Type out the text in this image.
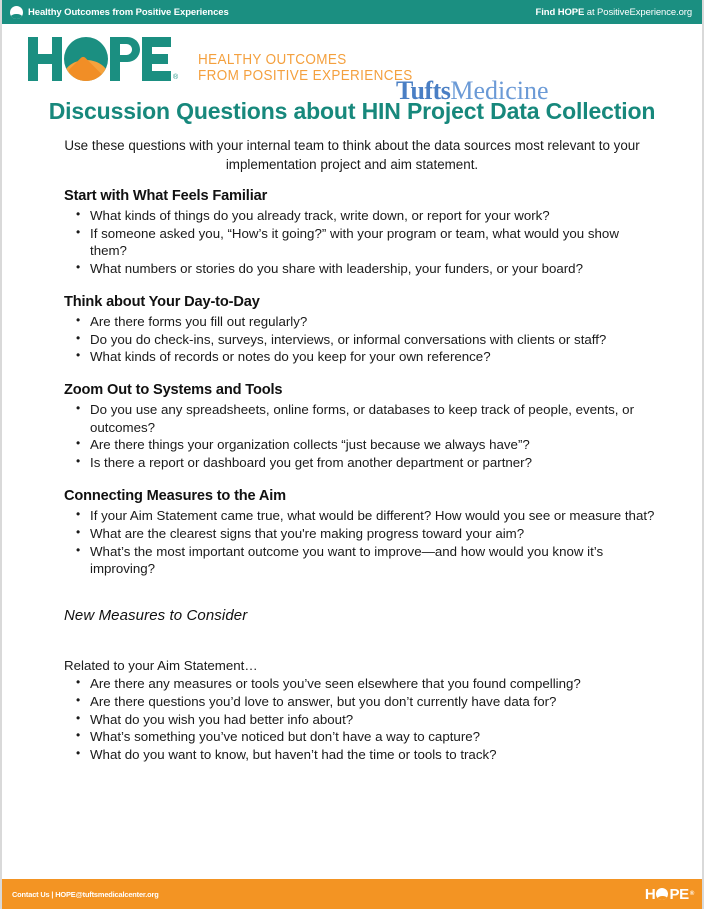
Healthy Outcomes from Positive Experiences	Find HOPE at PositiveExperience.org
®
HEALTHY OUTCOMES
FROM POSITIVE EXPERIENCES
TuftsMedicine
Discussion Questions about HIN Project Data Collection
Use these questions with your internal team to think about the data sources most relevant to your implementation project and aim statement.
Start with What Feels Familiar
• What kinds of things do you already track, write down, or report for your work?
• If someone asked you, “How’s it going?” with your program or team, what would you show them?
• What numbers or stories do you share with leadership, your funders, or your board?
Think about Your Day-to-Day
• Are there forms you fill out regularly?
• Do you do check-ins, surveys, interviews, or informal conversations with clients or staff?
• What kinds of records or notes do you keep for your own reference?
Zoom Out to Systems and Tools
• Do you use any spreadsheets, online forms, or databases to keep track of people, events, or outcomes?
• Are there things your organization collects “just because we always have”?
• Is there a report or dashboard you get from another department or partner?
Connecting Measures to the Aim
• If your Aim Statement came true, what would be different? How would you see or measure that?
• What are the clearest signs that you're making progress toward your aim?
• What’s the most important outcome you want to improve—and how would you know it’s improving?
New Measures to Consider
Related to your Aim Statement…
• Are there any measures or tools you’ve seen elsewhere that you found compelling?
• Are there questions you’d love to answer, but you don’t currently have data for?
• What do you wish you had better info about?
• What’s something you’ve noticed but don’t have a way to capture?
• What do you want to know, but haven’t had the time or tools to track?
Contact Us | HOPE@tuftsmedicalcenter.org	H PE ®
